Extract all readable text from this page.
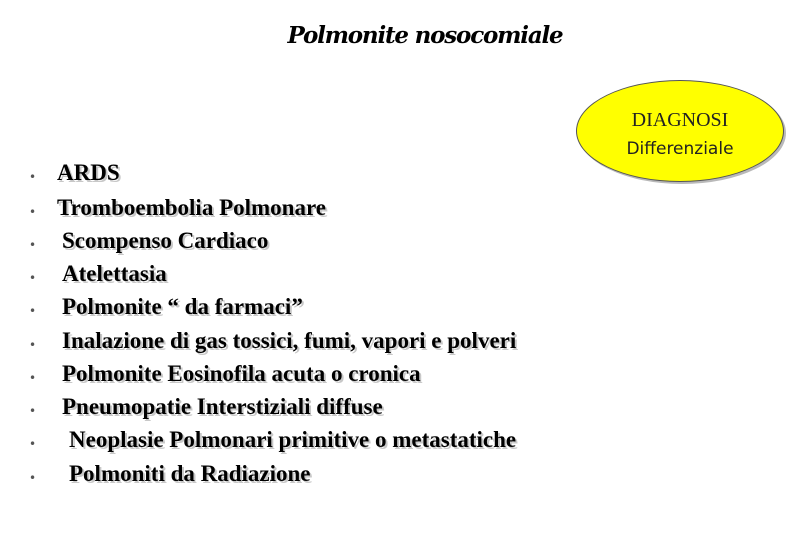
Polmonite nosocomiale
DIAGNOSI
Differenziale
• ARDS
• Tromboembolia Polmonare
• Scompenso Cardiaco
• Atelettasia
• Polmonite “ da farmaci”
• Inalazione di gas tossici, fumi, vapori e polveri
• Polmonite Eosinofila acuta o cronica
• Pneumopatie Interstiziali diffuse
• Neoplasie Polmonari primitive o metastatiche
• Polmoniti da Radiazione
